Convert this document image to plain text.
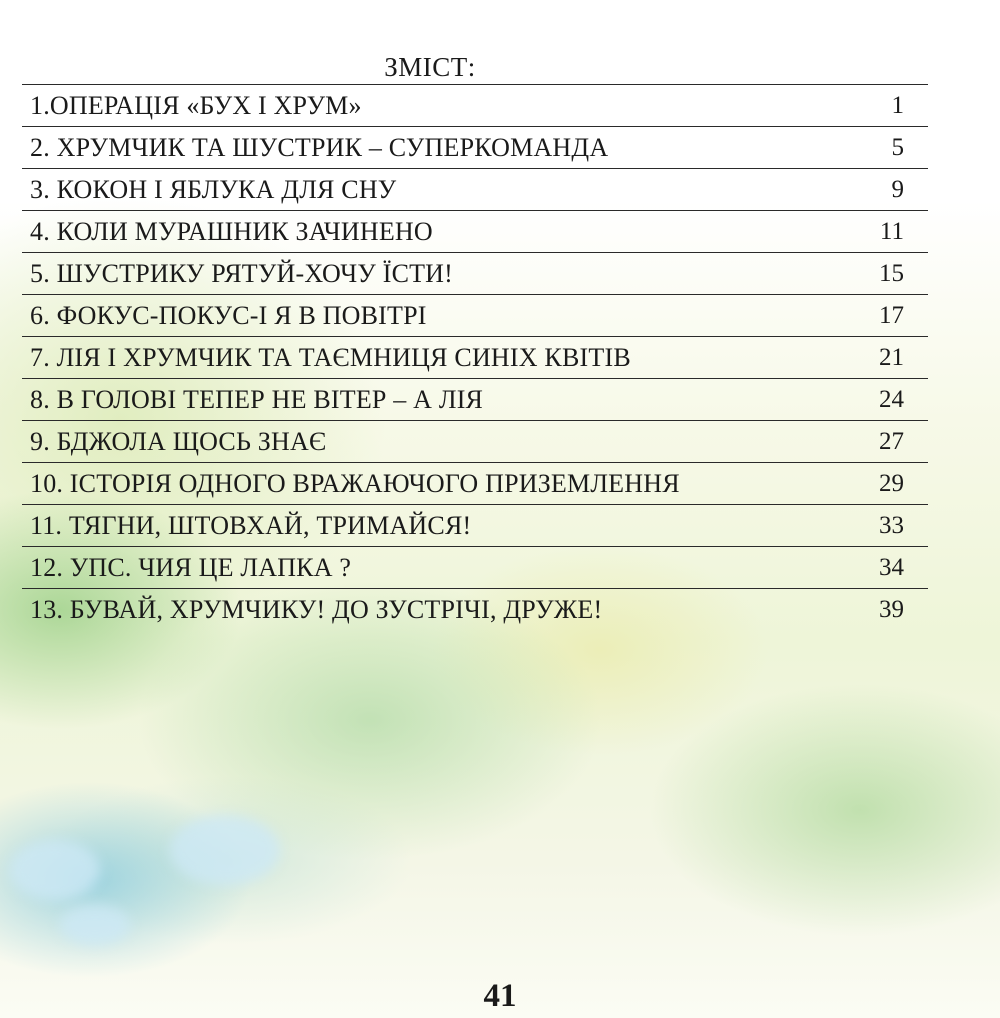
ЗМІСТ:
1.ОПЕРАЦІЯ «БУХ І ХРУМ»	1
2. ХРУМЧИК ТА ШУСТРИК – СУПЕРКОМАНДА	5
3. КОКОН І ЯБЛУКА ДЛЯ СНУ	9
4. КОЛИ МУРАШНИК ЗАЧИНЕНО	11
5. ШУСТРИКУ РЯТУЙ-ХОЧУ ЇСТИ!	15
6. ФОКУС-ПОКУС-І Я В ПОВІТРІ	17
7. ЛІЯ І ХРУМЧИК ТА ТАЄМНИЦЯ СИНІХ КВІТІВ	21
8. В ГОЛОВІ ТЕПЕР НЕ ВІТЕР – А ЛІЯ	24
9. БДЖОЛА ЩОСЬ ЗНАЄ	27
10. ІСТОРІЯ ОДНОГО ВРАЖАЮЧОГО ПРИЗЕМЛЕННЯ	29
11. ТЯГНИ, ШТОВХАЙ, ТРИМАЙСЯ!	33
12. УПС. ЧИЯ ЦЕ ЛАПКА ?	34
13. БУВАЙ, ХРУМЧИКУ! ДО ЗУСТРІЧІ, ДРУЖЕ!	39
41
